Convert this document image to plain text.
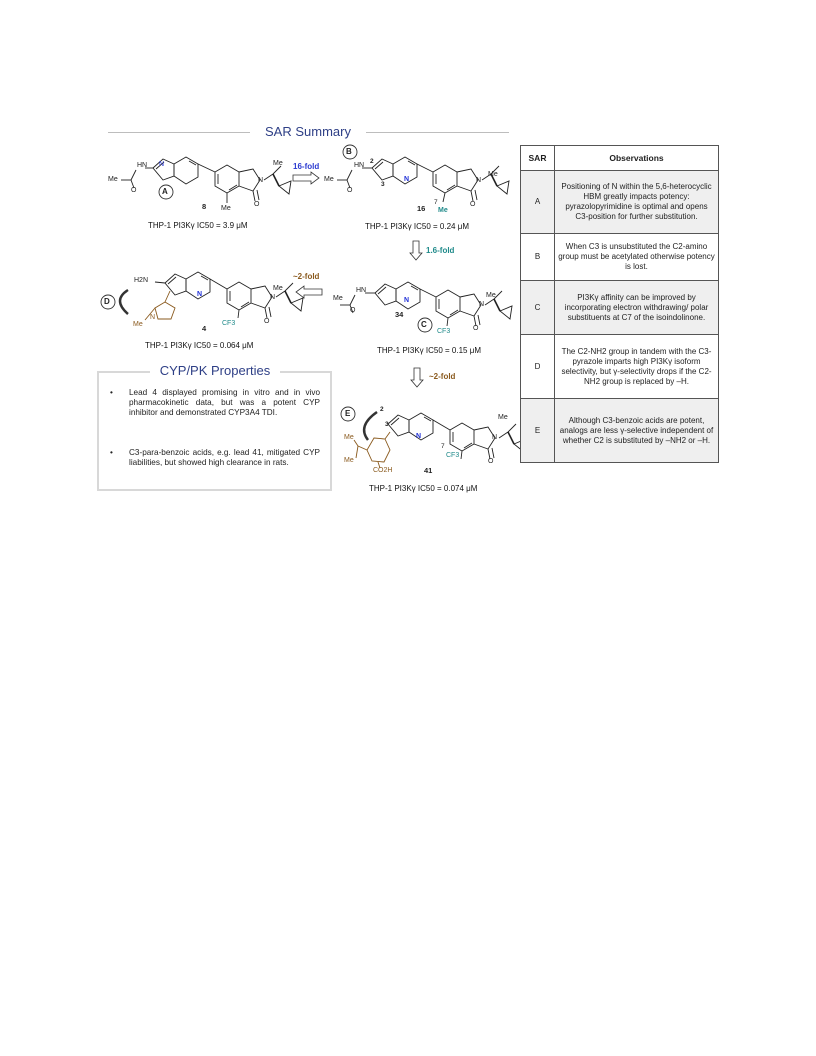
SAR Summary
A
B
C
D
E
HN
Me
O
N
Me
N
O
Me
8
THP-1 PI3Kγ IC50 = 3.9 μM
HN
Me
O
2
3
N
16
7
Me
N
O
Me
THP-1 PI3Kγ IC50 = 0.24 μM
HN
Me
O
N
34
CF3
N
O
Me
THP-1 PI3Kγ IC50 = 0.15 μM
H2N
N
N
Me	4
CF3
N
O
Me
THP-1 PI3Kγ IC50 = 0.064 μM
2
3
N
Me
Me
CO2H	41
7
CF3
N
O
Me
THP-1 PI3Kγ IC50 = 0.074 μM
16-fold
1.6-fold
~2-fold
~2-fold
CYP/PK Properties
• Lead 4 displayed promising in vitro and in vivo pharmacokinetic data, but was a potent CYP inhibitor and demonstrated CYP3A4 TDI.
• C3-para-benzoic acids, e.g. lead 41, mitigated CYP liabilities, but showed high clearance in rats.
SAR	Observations
A	Positioning of N within the 5,6-heterocyclic HBM greatly impacts potency: pyrazolopyrimidine is optimal and opens C3-position for further substitution.
B	When C3 is unsubstituted the C2-amino group must be acetylated otherwise potency is lost.
C	PI3Kγ affinity can be improved by incorporating electron withdrawing/ polar substituents at C7 of the isoindolinone.
D	The C2-NH2 group in tandem with the C3-pyrazole imparts high PI3Kγ isoform selectivity, but γ-selectivity drops if the C2-NH2 group is replaced by –H.
E	Although C3-benzoic acids are potent, analogs are less γ-selective independent of whether C2 is substituted by –NH2 or –H.
